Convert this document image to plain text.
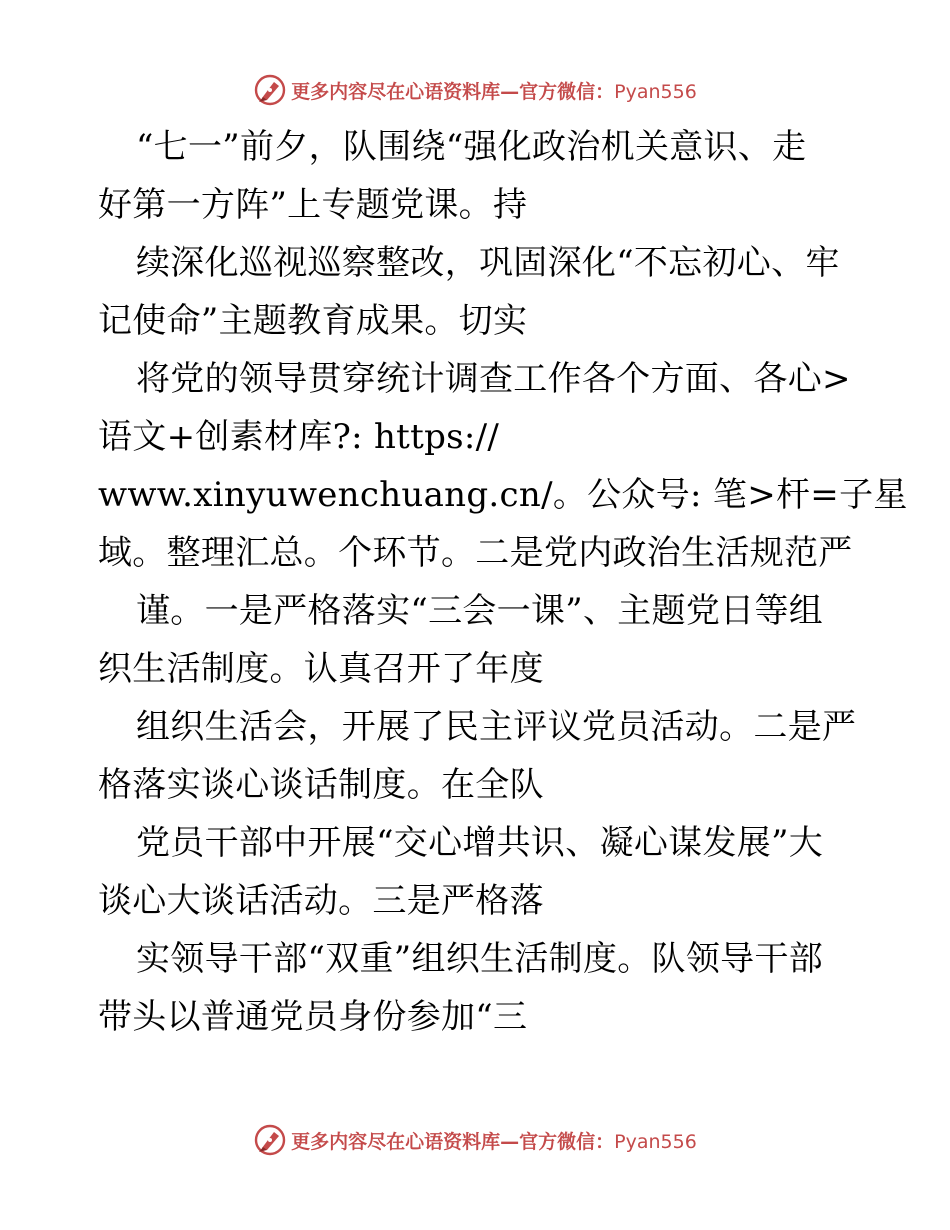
更多内容尽在心语资料库—官方微信：Pyan556
“七一”前夕，队围绕“强化政治机关意识、走
好第一方阵”上专题党课。持
续深化巡视巡察整改，巩固深化“不忘初心、牢
记使命”主题教育成果。切实
将党的领导贯穿统计调查工作各个方面、各心>
语文+创素材库?: https://
www.xinyuwenchuang.cn/。公众号: 笔>杆=子星
域。整理汇总。个环节。二是党内政治生活规范严
谨。一是严格落实“三会一课”、主题党日等组
织生活制度。认真召开了年度
组织生活会，开展了民主评议党员活动。二是严
格落实谈心谈话制度。在全队
党员干部中开展“交心增共识、凝心谋发展”大
谈心大谈话活动。三是严格落
实领导干部“双重”组织生活制度。队领导干部
带头以普通党员身份参加“三
更多内容尽在心语资料库—官方微信：Pyan556
